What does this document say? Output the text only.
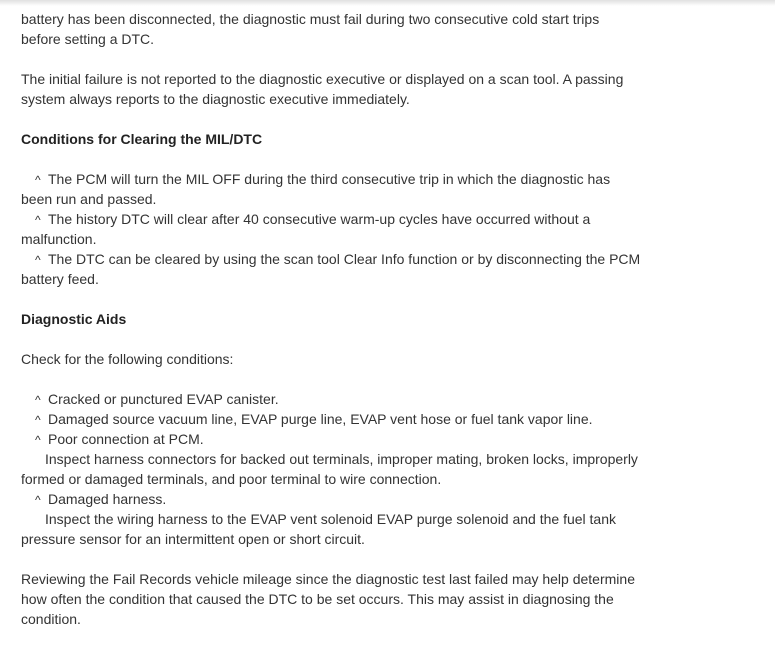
battery has been disconnected, the diagnostic must fail during two consecutive cold start trips
before setting a DTC.
The initial failure is not reported to the diagnostic executive or displayed on a scan tool. A passing
system always reports to the diagnostic executive immediately.
Conditions for Clearing the MIL/DTC
^ The PCM will turn the MIL OFF during the third consecutive trip in which the diagnostic has
been run and passed.
^ The history DTC will clear after 40 consecutive warm-up cycles have occurred without a
malfunction.
^ The DTC can be cleared by using the scan tool Clear Info function or by disconnecting the PCM
battery feed.
Diagnostic Aids
Check for the following conditions:
^ Cracked or punctured EVAP canister.
^ Damaged source vacuum line, EVAP purge line, EVAP vent hose or fuel tank vapor line.
^ Poor connection at PCM.
Inspect harness connectors for backed out terminals, improper mating, broken locks, improperly
formed or damaged terminals, and poor terminal to wire connection.
^ Damaged harness.
Inspect the wiring harness to the EVAP vent solenoid EVAP purge solenoid and the fuel tank
pressure sensor for an intermittent open or short circuit.
Reviewing the Fail Records vehicle mileage since the diagnostic test last failed may help determine
how often the condition that caused the DTC to be set occurs. This may assist in diagnosing the
condition.
